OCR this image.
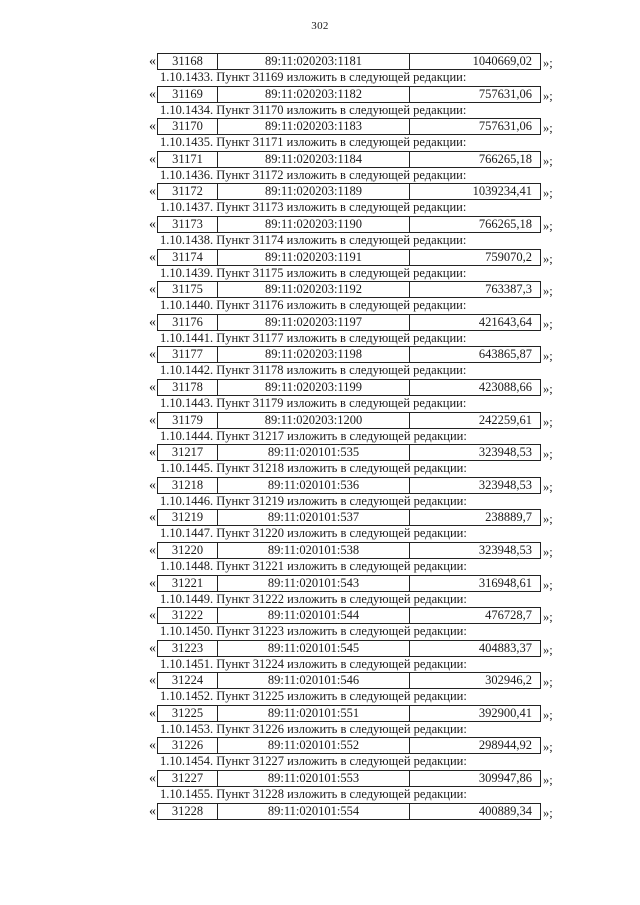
302
«	31168	89:11:020203:1181	1040669,02 »;
1.10.1433. Пункт 31169 изложить в следующей редакции:
«	31169	89:11:020203:1182	757631,06 »;
1.10.1434. Пункт 31170 изложить в следующей редакции:
«	31170	89:11:020203:1183	757631,06 »;
1.10.1435. Пункт 31171 изложить в следующей редакции:
«	31171	89:11:020203:1184	766265,18 »;
1.10.1436. Пункт 31172 изложить в следующей редакции:
«	31172	89:11:020203:1189	1039234,41 »;
1.10.1437. Пункт 31173 изложить в следующей редакции:
«	31173	89:11:020203:1190	766265,18 »;
1.10.1438. Пункт 31174 изложить в следующей редакции:
«	31174	89:11:020203:1191	759070,2 »;
1.10.1439. Пункт 31175 изложить в следующей редакции:
«	31175	89:11:020203:1192	763387,3 »;
1.10.1440. Пункт 31176 изложить в следующей редакции:
«	31176	89:11:020203:1197	421643,64 »;
1.10.1441. Пункт 31177 изложить в следующей редакции:
«	31177	89:11:020203:1198	643865,87 »;
1.10.1442. Пункт 31178 изложить в следующей редакции:
«	31178	89:11:020203:1199	423088,66 »;
1.10.1443. Пункт 31179 изложить в следующей редакции:
«	31179	89:11:020203:1200	242259,61 »;
1.10.1444. Пункт 31217 изложить в следующей редакции:
«	31217	89:11:020101:535	323948,53 »;
1.10.1445. Пункт 31218 изложить в следующей редакции:
«	31218	89:11:020101:536	323948,53 »;
1.10.1446. Пункт 31219 изложить в следующей редакции:
«	31219	89:11:020101:537	238889,7 »;
1.10.1447. Пункт 31220 изложить в следующей редакции:
«	31220	89:11:020101:538	323948,53 »;
1.10.1448. Пункт 31221 изложить в следующей редакции:
«	31221	89:11:020101:543	316948,61 »;
1.10.1449. Пункт 31222 изложить в следующей редакции:
«	31222	89:11:020101:544	476728,7 »;
1.10.1450. Пункт 31223 изложить в следующей редакции:
«	31223	89:11:020101:545	404883,37 »;
1.10.1451. Пункт 31224 изложить в следующей редакции:
«	31224	89:11:020101:546	302946,2 »;
1.10.1452. Пункт 31225 изложить в следующей редакции:
«	31225	89:11:020101:551	392900,41 »;
1.10.1453. Пункт 31226 изложить в следующей редакции:
«	31226	89:11:020101:552	298944,92 »;
1.10.1454. Пункт 31227 изложить в следующей редакции:
«	31227	89:11:020101:553	309947,86 »;
1.10.1455. Пункт 31228 изложить в следующей редакции:
«	31228	89:11:020101:554	400889,34 »;
